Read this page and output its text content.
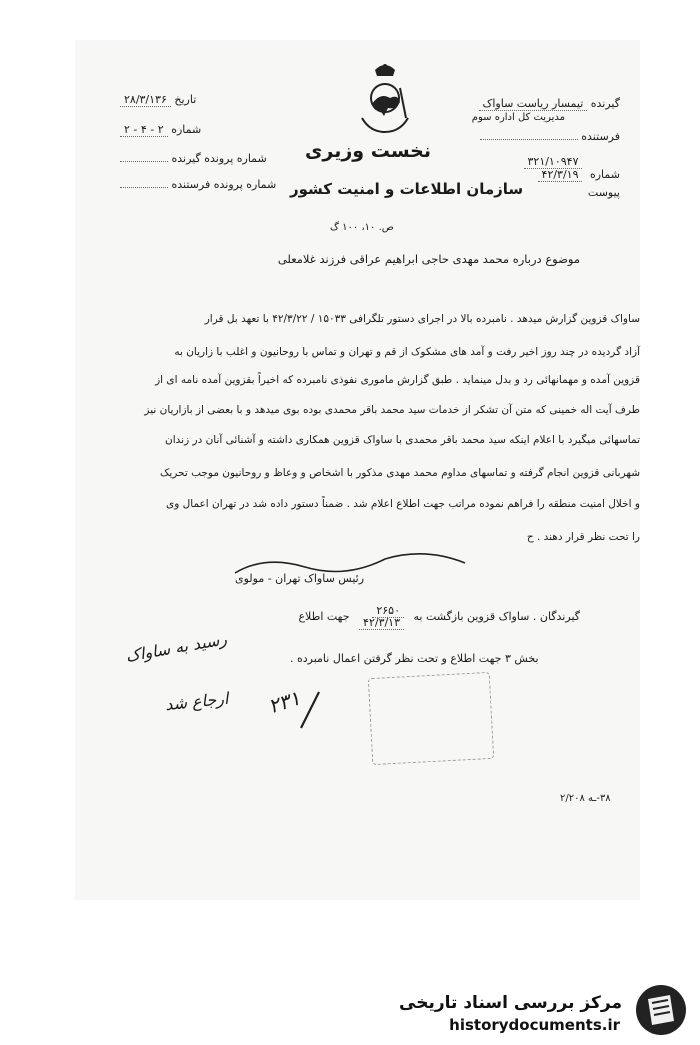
گیرنده تیمسار ریاست ساواک
مدیریت کل اداره سوم
فرستنده
شماره ۳۲۱/۱۰۹۴۷
۴۲/۳/۱۹
پیوست
نخست وزیری
سازمان اطلاعات و امنیت کشور
ص. ۱۰، ۱۰۰ گ
تاریخ ۲۸/۳/۱۳۶
شماره ۲ - ۴ - ۲
شماره پرونده گیرنده
شماره پرونده فرستنده
موضوع درباره محمد مهدی حاجی ابراهیم عراقی فرزند غلامعلی
ساواک قزوین گزارش میدهد . نامبرده بالا در اجرای دستور تلگرافی ۱۵۰۳۳ / ۴۲/۳/۲۲ با تعهد بل قرار
آزاد گردیده در چند روز اخیر رفت و آمد های مشکوک از قم و تهران و تماس با روحانیون و اغلب با زاریان به
قزوین آمده و مهمانهائی رد و بدل مینماید . طبق گزارش ماموری نفوذی نامبرده که اخیراً بقزوین آمده نامه ای از
طرف آیت اله خمینی که متن آن تشکر از خدمات سید محمد باقر محمدی بوده بوی میدهد و با بعضی از بازاریان نیز
تماسهائی میگیرد با اعلام اینکه سید محمد باقر محمدی با ساواک قزوین همکاری داشته و آشنائی آنان در زندان
شهربانی قزوین انجام گرفته و تماسهای مداوم محمد مهدی مذکور با اشخاص و وعاظ و روحانیون موجب تحریک
و اخلال امنیت منطقه را فراهم نموده مراتب جهت اطلاع اعلام شد . ضمناً دستور داده شد در تهران اعمال وی
را تحت نظر قرار دهند . ح
رئیس ساواک تهران - مولوی
گیرندگان . ساواک قزوین بازگشت به ۲۶۵۰
۴۲/۳/۱۳ جهت اطلاع
بخش ۳ جهت اطلاع و تحت نظر گرفتن اعمال نامبرده .
رسید به ساواک
ارجاع شد ۲۳۱
۳۸-ـه ۲/۲۰۸
مرکز بررسی اسناد تاریخی
historydocuments.ir
